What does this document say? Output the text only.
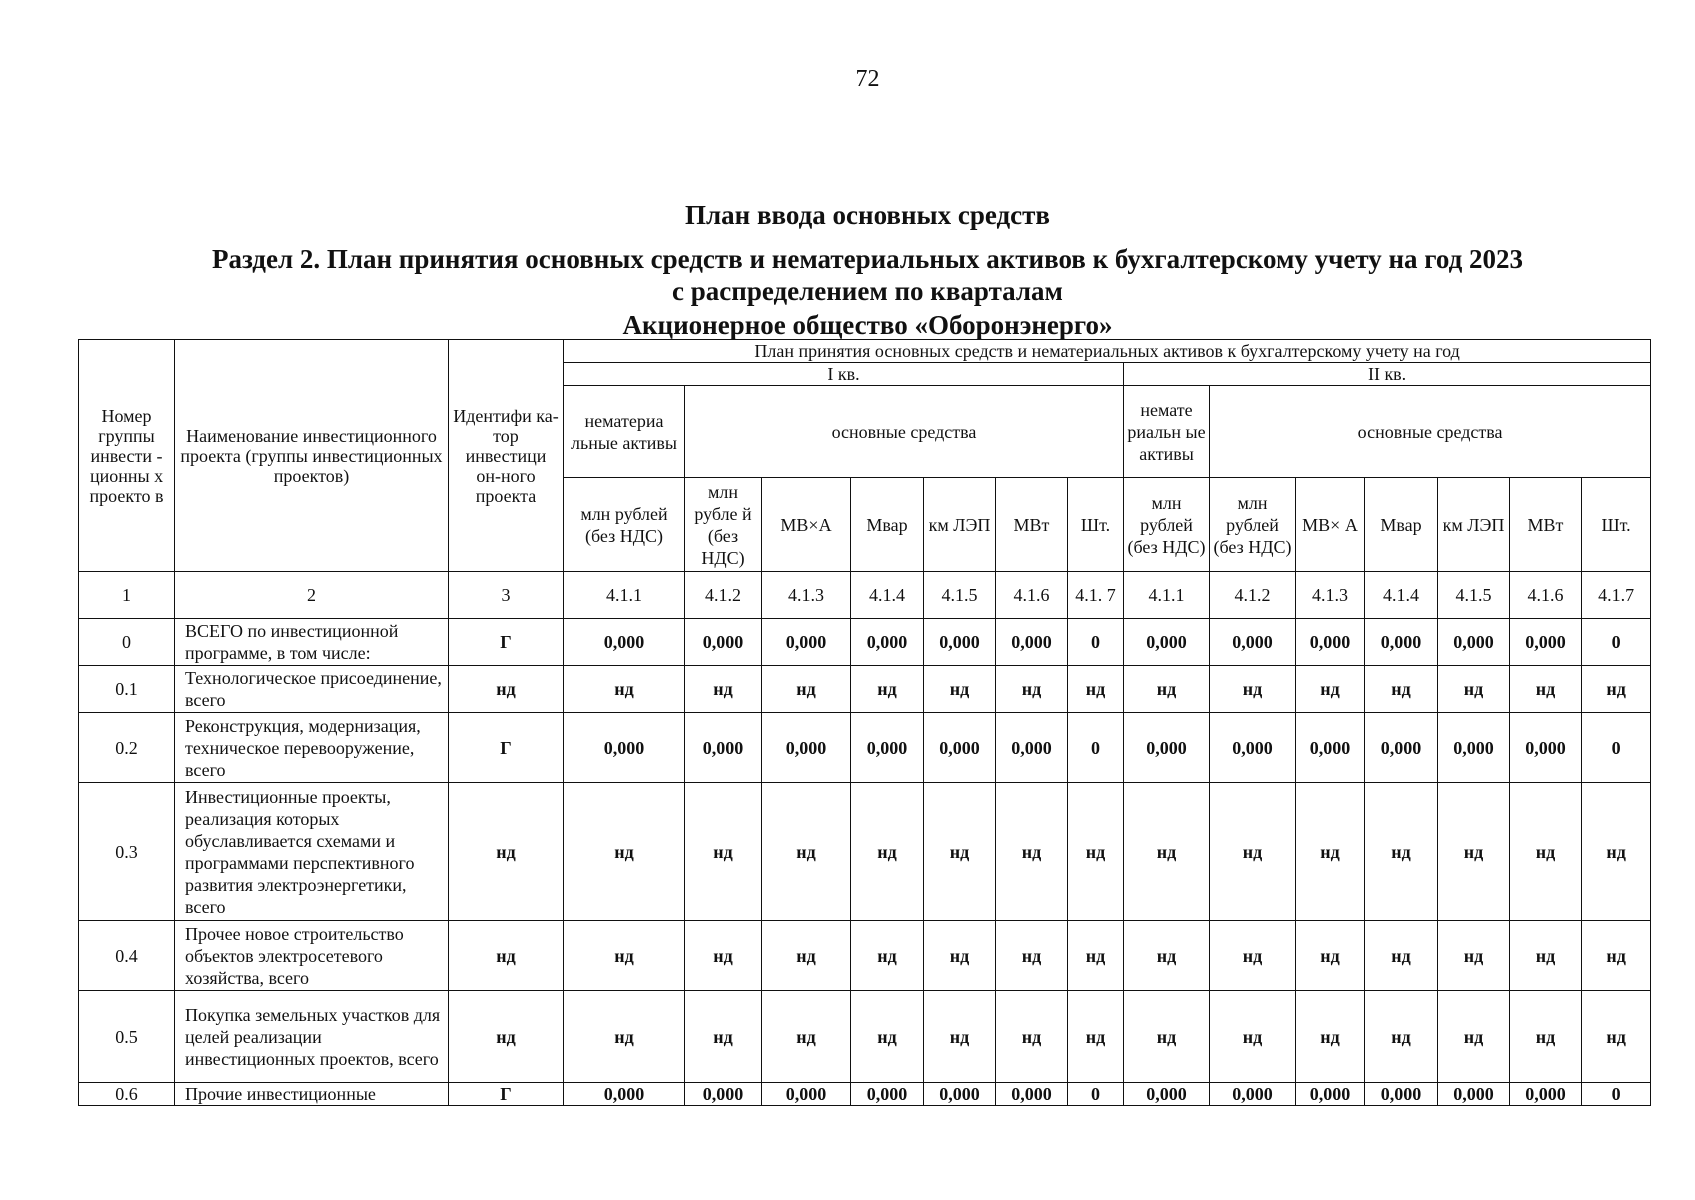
72
План ввода основных средств
Раздел 2. План принятия основных средств и нематериальных активов к бухгалтерскому учету на год 2023
с распределением по кварталам
Акционерное общество «Оборонэнерго»
Номер группы инвести - ционны х проекто в	Наименование инвестиционного проекта (группы инвестиционных проектов)	Идентифи ка-тор инвестици он-ного проекта	План принятия основных средств и нематериальных активов к бухгалтерскому учету на год													
			I кв.							II кв.						
			нематериа льные активы	основные средства						немате риальн ые активы	основные средства					
			млн рублей (без НДС)	млн рубле й (без НДС)	МВ×А	Мвар	км ЛЭП	МВт	Шт.	млн рублей (без НДС)	млн рублей (без НДС)	МВ× А	Мвар	км ЛЭП	МВт	Шт.

1	2	3	4.1.1	4.1.2	4.1.3	4.1.4	4.1.5	4.1.6	4.1. 7	4.1.1	4.1.2	4.1.3	4.1.4	4.1.5	4.1.6	4.1.7
0	ВСЕГО по инвестиционной программе, в том числе:	Г	0,000	0,000	0,000	0,000	0,000	0,000	0	0,000	0,000	0,000	0,000	0,000	0,000	0
0.1	Технологическое присоединение, всего	нд	нд	нд	нд	нд	нд	нд	нд	нд	нд	нд	нд	нд	нд	нд
0.2	Реконструкция, модернизация, техническое перевооружение, всего	Г	0,000	0,000	0,000	0,000	0,000	0,000	0	0,000	0,000	0,000	0,000	0,000	0,000	0
0.3	Инвестиционные проекты, реализация которых обуславливается схемами и программами перспективного развития электроэнергетики, всего	нд	нд	нд	нд	нд	нд	нд	нд	нд	нд	нд	нд	нд	нд	нд
0.4	Прочее новое строительство объектов электросетевого хозяйства, всего	нд	нд	нд	нд	нд	нд	нд	нд	нд	нд	нд	нд	нд	нд	нд
0.5	Покупка земельных участков для целей реализации инвестиционных проектов, всего	нд	нд	нд	нд	нд	нд	нд	нд	нд	нд	нд	нд	нд	нд	нд
0.6	Прочие инвестиционные	Г	0,000	0,000	0,000	0,000	0,000	0,000	0	0,000	0,000	0,000	0,000	0,000	0,000	0
